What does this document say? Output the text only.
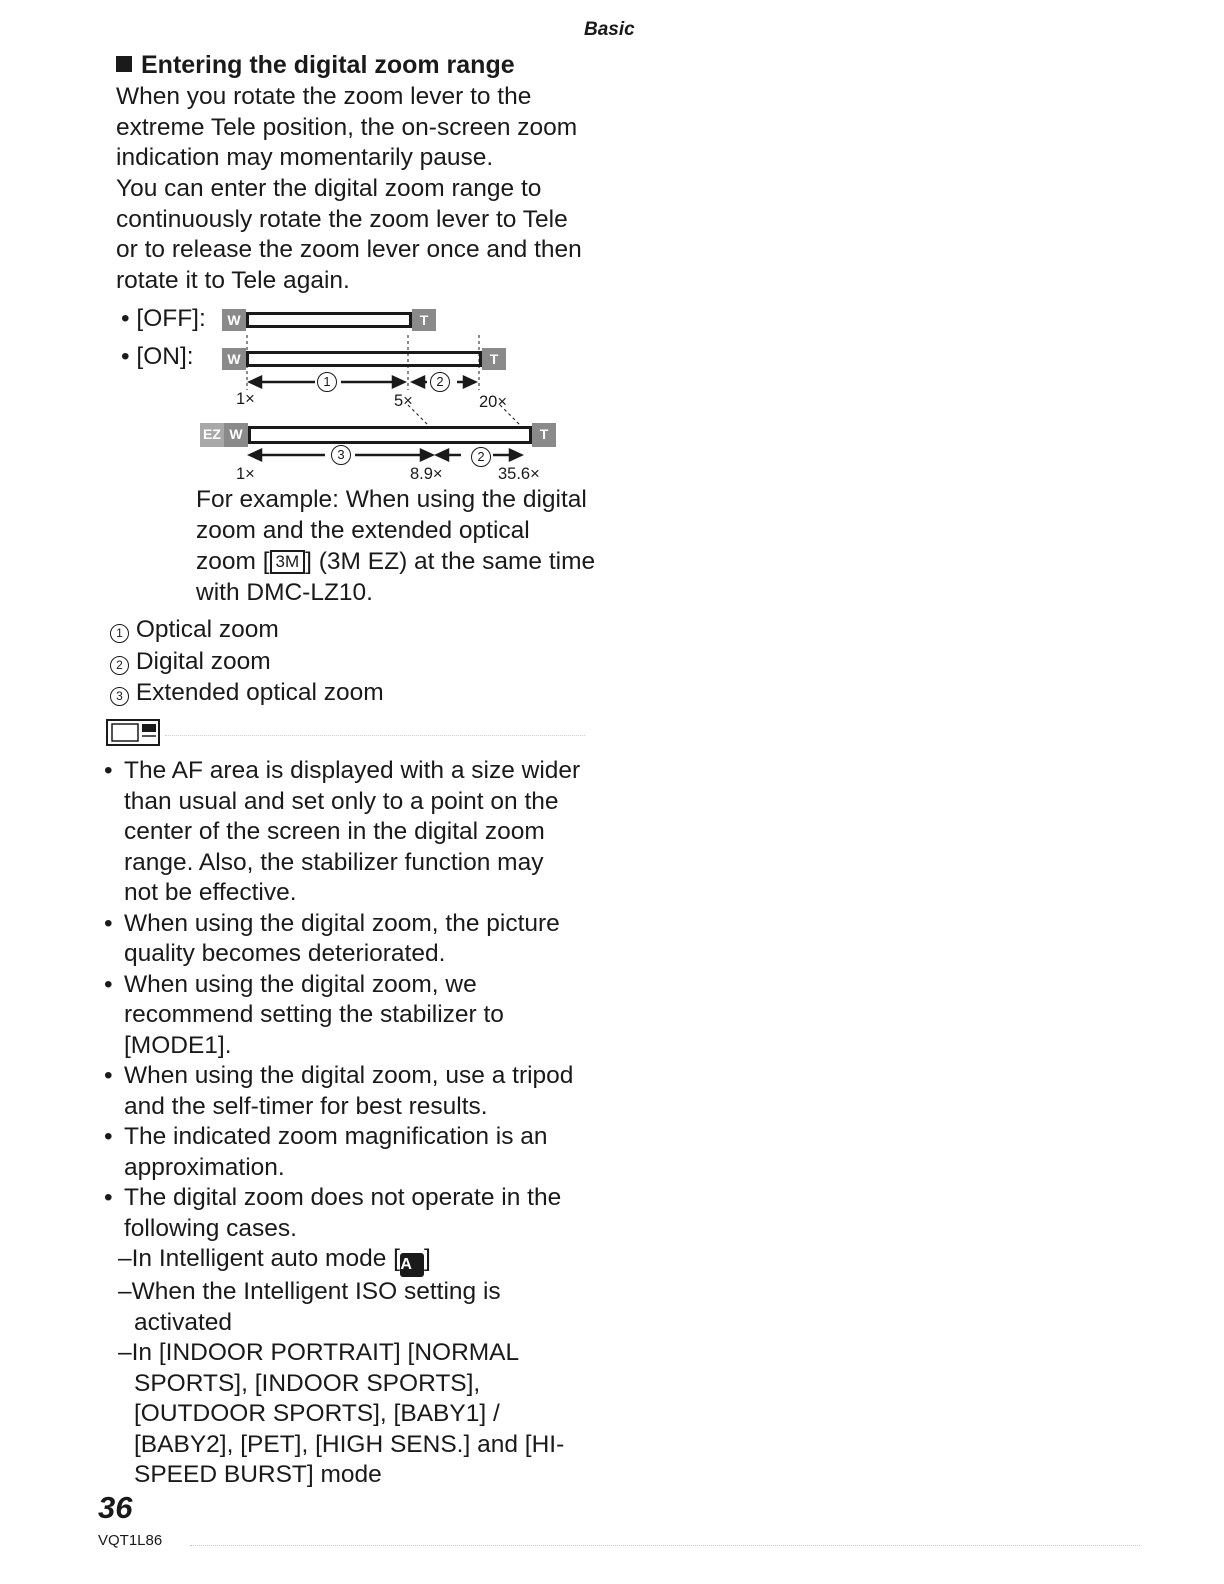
Basic
Entering the digital zoom range
When you rotate the zoom lever to the
extreme Tele position, the on-screen zoom
indication may momentarily pause.
You can enter the digital zoom range to
continuously rotate the zoom lever to Tele
or to release the zoom lever once and then
rotate it to Tele again.
• [OFF]:	W	T
• [ON]:	W	T
1	2
1×	5×	20×
EZ W	T
3	2
1×	8.9×	35.6×
For example: When using the digital zoom and the extended optical zoom [ 3M ] (3M EZ) at the same time with DMC-LZ10.
1 Optical zoom
2 Digital zoom
3 Extended optical zoom
• The AF area is displayed with a size wider than usual and set only to a point on the center of the screen in the digital zoom range. Also, the stabilizer function may not be effective.
• When using the digital zoom, the picture quality becomes deteriorated.
• When using the digital zoom, we recommend setting the stabilizer to [MODE1].
• When using the digital zoom, use a tripod and the self-timer for best results.
• The indicated zoom magnification is an approximation.
• The digital zoom does not operate in the following cases.
–In Intelligent auto mode [iA ]
–When the Intelligent ISO setting is activated
–In [INDOOR PORTRAIT] [NORMAL SPORTS], [INDOOR SPORTS], [OUTDOOR SPORTS], [BABY1] / [BABY2], [PET], [HIGH SENS.] and [HI-SPEED BURST] mode
36
VQT1L86
